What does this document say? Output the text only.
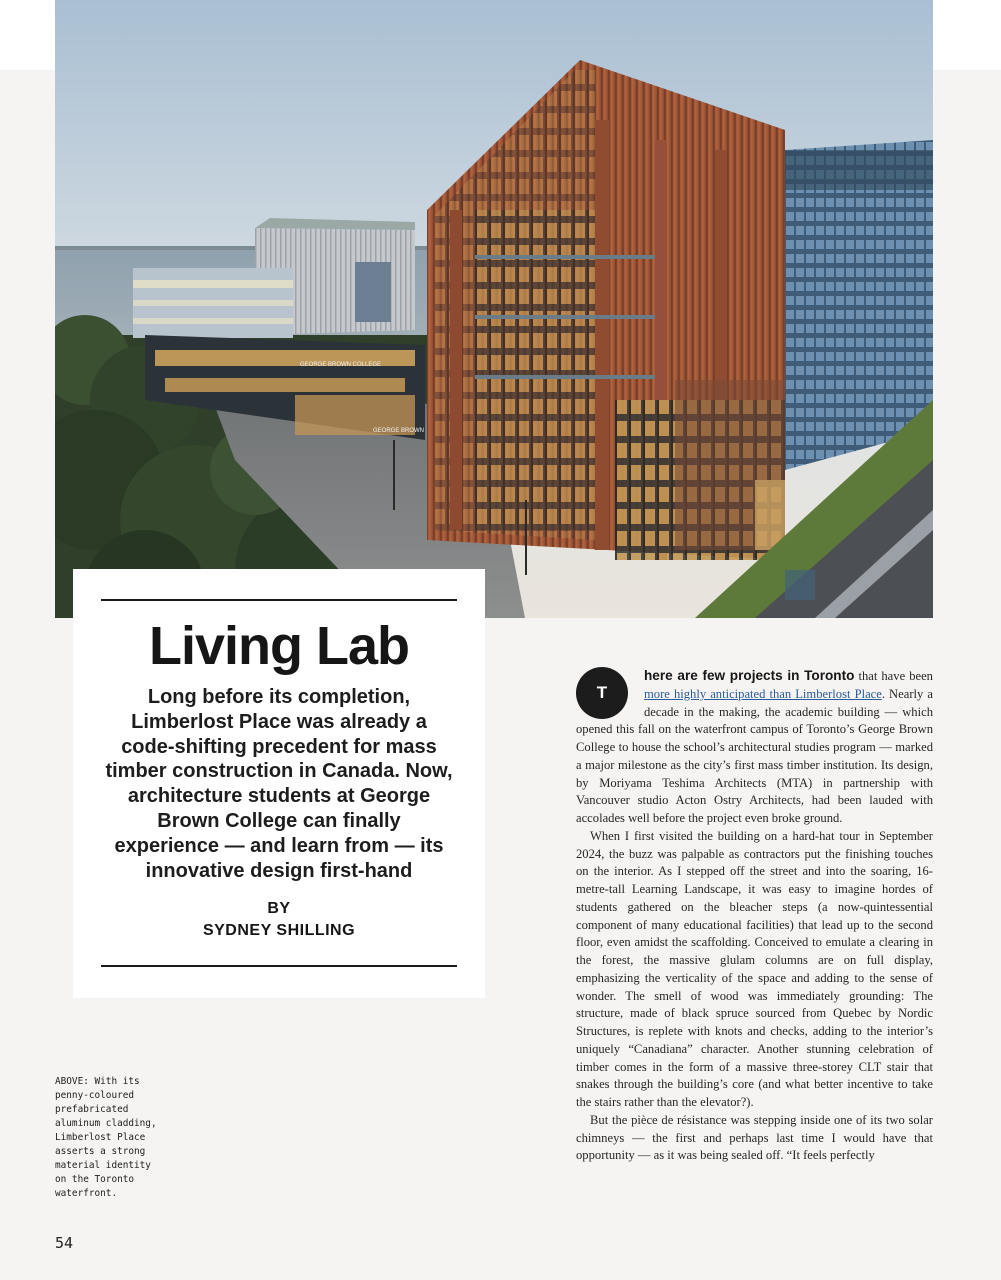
GEORGE BROWN COLLEGE
GEORGE BROWN
Living Lab

Long before its completion, Limberlost Place was already a code-shifting precedent for mass timber construction in Canada. Now, architecture students at George Brown College can finally experience — and learn from — its innovative design first-hand

BY
SYDNEY SHILLING
ABOVE: With its
penny-coloured
prefabricated
aluminum cladding,
Limberlost Place
asserts a strong
material identity
on the Toronto
waterfront.
54

T
here are few projects in Toronto that have been more highly anticipated than Limberlost Place. Nearly a decade in the making, the academic building — which opened this fall on the waterfront campus of Toronto’s George Brown College to house the school’s architectural studies program — marked a major milestone as the city’s first mass timber institution. Its design, by Moriyama Teshima Architects (MTA) in partnership with Vancouver studio Acton Ostry Architects, had been lauded with accolades well before the project even broke ground.

When I first visited the building on a hard-hat tour in September 2024, the buzz was palpable as contractors put the finishing touches on the interior. As I stepped off the street and into the soaring, 16-metre-tall Learning Landscape, it was easy to imagine hordes of students gathered on the bleacher steps (a now-quintessential component of many educational facilities) that lead up to the second floor, even amidst the scaffolding. Conceived to emulate a clearing in the forest, the massive glulam columns are on full display, emphasizing the verticality of the space and adding to the sense of wonder. The smell of wood was immediately grounding: The structure, made of black spruce sourced from Quebec by Nordic Structures, is replete with knots and checks, adding to the interior’s uniquely “Canadiana” character. Another stunning celebration of timber comes in the form of a massive three-storey CLT stair that snakes through the building’s core (and what better incentive to take the stairs rather than the elevator?).

But the pièce de résistance was stepping inside one of its two solar chimneys — the first and perhaps last time I would have that opportunity — as it was being sealed off. “It feels perfectly
